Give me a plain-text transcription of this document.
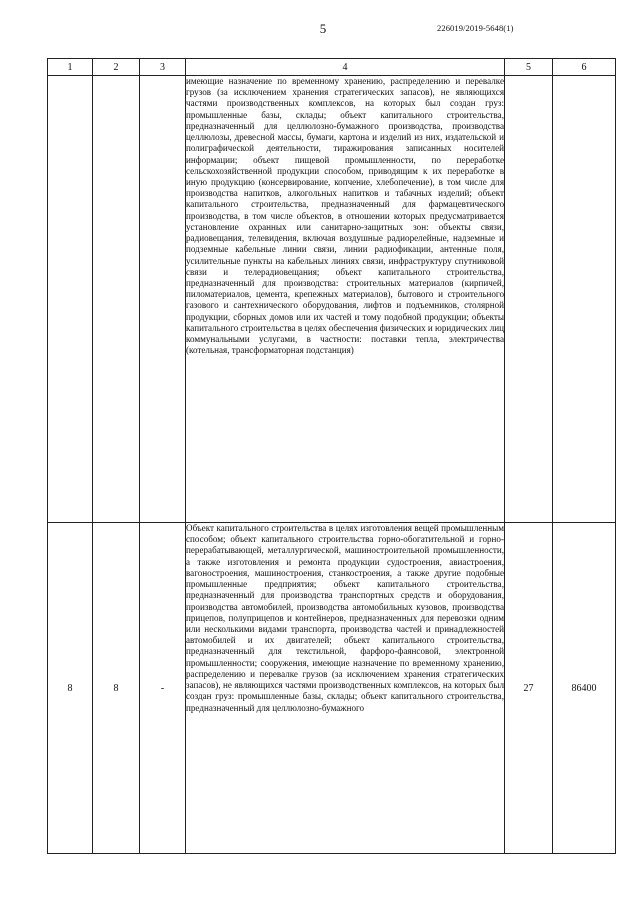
5	226019/2019-5648(1)
1	2	3	4	5	6
			имеющие назначение по временному хранению, распределению и перевалке грузов (за исключением хранения стратегических запасов), не являющихся частями производственных комплексов, на которых был создан груз: промышленные базы, склады; объект капитального строительства, предназначенный для целлюлозно-бумажного производства, производства целлюлозы, древесной массы, бумаги, картона и изделий из них, издательской и полиграфической деятельности, тиражирования записанных носителей информации; объект пищевой промышленности, по переработке сельскохозяйственной продукции способом, приводящим к их переработке в иную продукцию (консервирование, копчение, хлебопечение), в том числе для производства напитков, алкогольных напитков и табачных изделий; объект капитального строительства, предназначенный для фармацевтического производства, в том числе объектов, в отношении которых предусматривается установление охранных или санитарно-защитных зон: объекты связи, радиовещания, телевидения, включая воздушные радиорелейные, надземные и подземные кабельные линии связи, линии радиофикации, антенные поля, усилительные пункты на кабельных линиях связи, инфраструктуру спутниковой связи и телерадиовещания; объект капитального строительства, предназначенный для производства: строительных материалов (кирпичей, пиломатериалов, цемента, крепежных материалов), бытового и строительного газового и сантехнического оборудования, лифтов и подъемников, столярной продукции, сборных домов или их частей и тому подобной продукции; объекты капитального строительства в целях обеспечения физических и юридических лиц коммунальными услугами, в частности: поставки тепла, электричества (котельная, трансформаторная подстанция)		
8	8	-	Объект капитального строительства в целях изготовления вещей промышленным способом; объект капитального строительства горно-обогатительной и горно-перерабатывающей, металлургической, машиностроительной промышленности, а также изготовления и ремонта продукции судостроения, авиастроения, вагоностроения, машиностроения, станкостроения, а также другие подобные промышленные предприятия; объект капитального строительства, предназначенный для производства транспортных средств и оборудования, производства автомобилей, производства автомобильных кузовов, производства прицепов, полуприцепов и контейнеров, предназначенных для перевозки одним или несколькими видами транспорта, производства частей и принадлежностей автомобилей и их двигателей; объект капитального строительства, предназначенный для текстильной, фарфоро-фаянсовой, электронной промышленности; сооружения, имеющие назначение по временному хранению, распределению и перевалке грузов (за исключением хранения стратегических запасов), не являющихся частями производственных комплексов, на которых был создан груз: промышленные базы, склады; объект капитального строительства, предназначенный для целлюлозно-бумажного	27	86400
